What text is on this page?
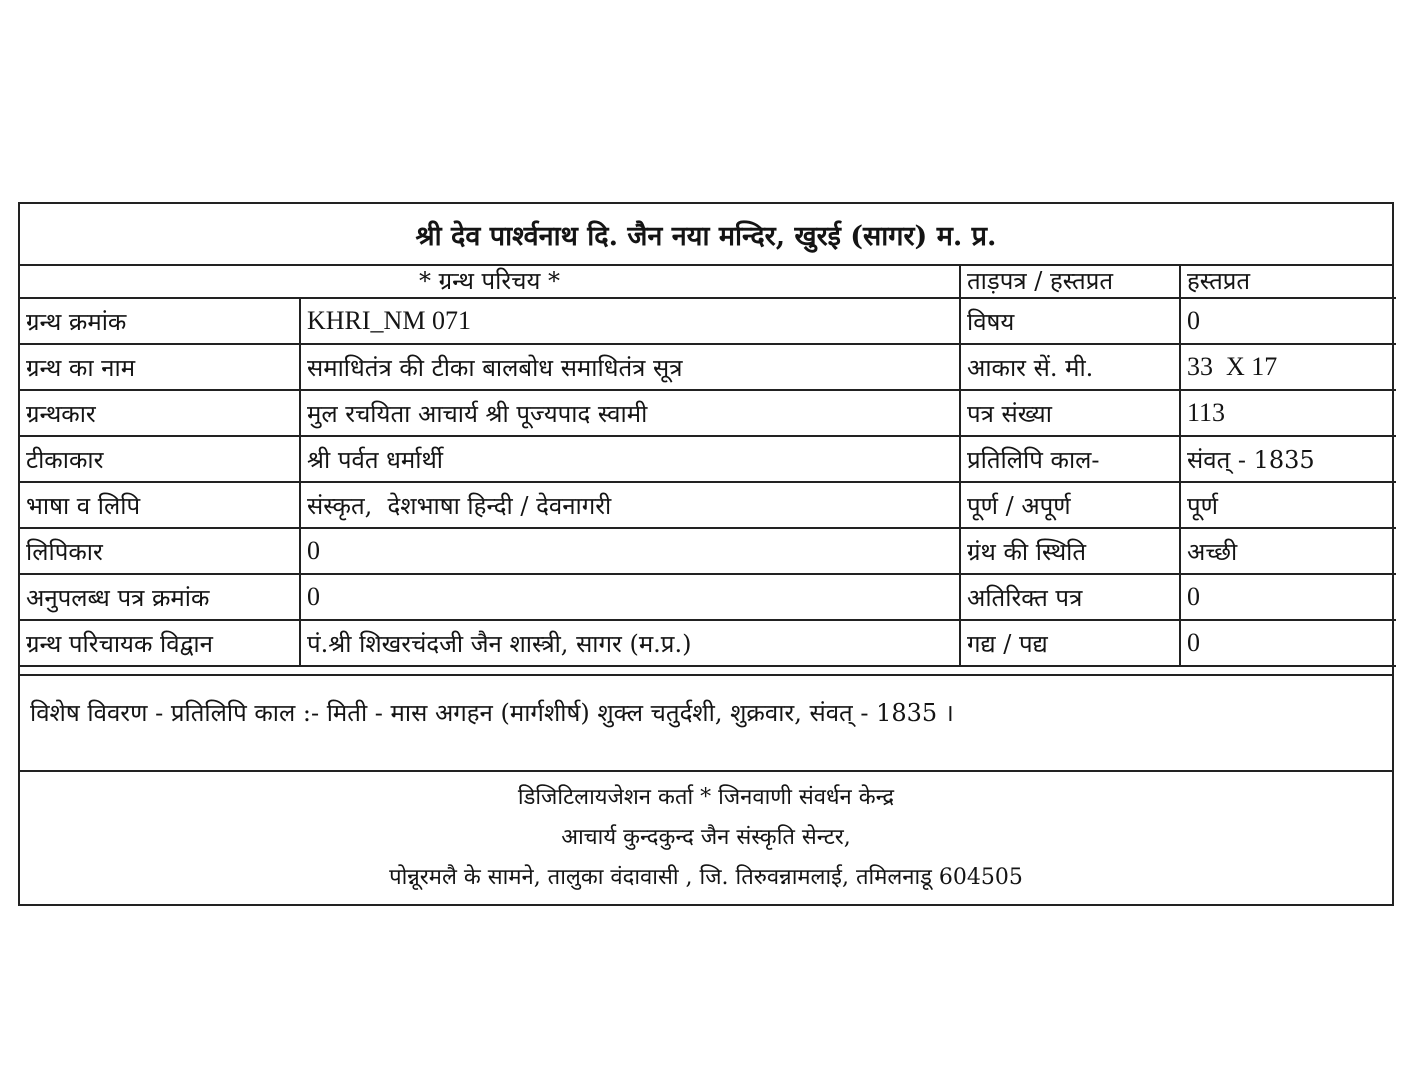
श्री देव पार्श्वनाथ दि. जैन नया मन्दिर, खुरई (सागर) म. प्र.
* ग्रन्थ परिचय *		ताड़पत्र / हस्तप्रत	हस्तप्रत
ग्रन्थ क्रमांक	KHRI_NM 071	विषय	0
ग्रन्थ का नाम	समाधितंत्र की टीका बालबोध समाधितंत्र सूत्र	आकार सें. मी.	33  X 17
ग्रन्थकार	मुल रचयिता आचार्य श्री पूज्यपाद स्वामी	पत्र संख्या	113
टीकाकार	श्री पर्वत धर्मार्थी	प्रतिलिपि काल-	संवत् - 1835
भाषा व लिपि	संस्कृत,  देशभाषा हिन्दी / देवनागरी	पूर्ण / अपूर्ण	पूर्ण
लिपिकार	0	ग्रंथ की स्थिति	अच्छी
अनुपलब्ध पत्र क्रमांक	0	अतिरिक्त पत्र	0
ग्रन्थ परिचायक विद्वान	पं.श्री शिखरचंदजी जैन शास्त्री, सागर (म.प्र.)	गद्य / पद्य	0
विशेष विवरण - प्रतिलिपि काल :- मिती - मास अगहन (मार्गशीर्ष) शुक्ल चतुर्दशी, शुक्रवार, संवत् - 1835 ।
डिजिटिलायजेशन कर्ता * जिनवाणी संवर्धन केन्द्र
आचार्य कुन्दकुन्द जैन संस्कृति सेन्टर,
पोन्नूरमलै के सामने, तालुका वंदावासी , जि. तिरुवन्नामलाई, तमिलनाडू 604505
